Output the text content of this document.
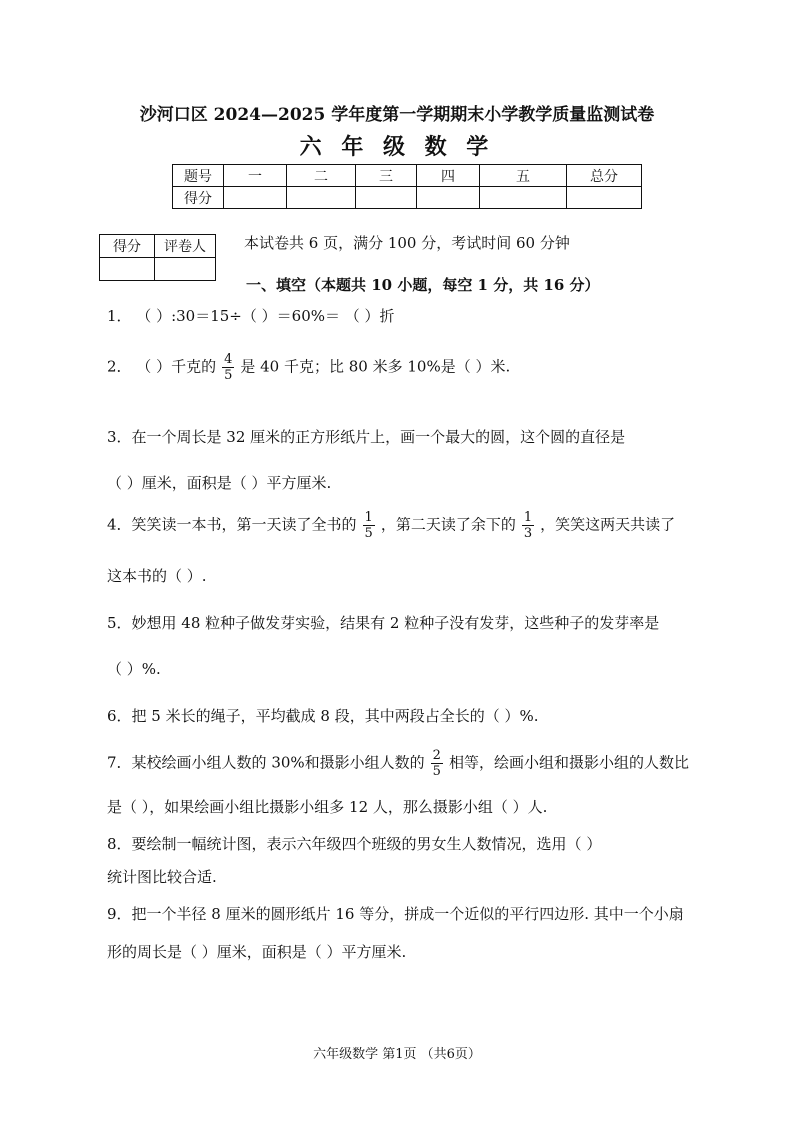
沙河口区 2024—2025 学年度第一学期期末小学教学质量监测试卷
六 年 级 数 学
题号	一	二	三	四	五	总分
得分						
得分	评卷人
		本试卷共 6 页，满分 100 分，考试时间 60 分钟
一、填空（本题共 10 小题，每空 1 分，共 16 分）
1． （ ）:30＝15÷（ ）＝60%＝ （ ）折
2． （ ）千克的 $\frac{4}{5}$ 是 40 千克；比 80 米多 10%是（ ）米.
3．在一个周长是 32 厘米的正方形纸片上，画一个最大的圆，这个圆的直径是
（ ）厘米，面积是（ ）平方厘米.
4．笑笑读一本书，第一天读了全书的 $\frac{1}{5}$ ，第二天读了余下的 $\frac{1}{3}$ ，笑笑这两天共读了
这本书的（ ）.
5．妙想用 48 粒种子做发芽实验，结果有 2 粒种子没有发芽，这些种子的发芽率是
（ ）%.
6．把 5 米长的绳子，平均截成 8 段，其中两段占全长的（ ）%.
7．某校绘画小组人数的 30%和摄影小组人数的 $\frac{2}{5}$ 相等，绘画小组和摄影小组的人数比
是（ ），如果绘画小组比摄影小组多 12 人，那么摄影小组（ ）人.
8．要绘制一幅统计图，表示六年级四个班级的男女生人数情况，选用（ ）
统计图比较合适.
9．把一个半径 8 厘米的圆形纸片 16 等分，拼成一个近似的平行四边形. 其中一个小扇
形的周长是（ ）厘米，面积是（ ）平方厘米.
六年级数学 第1页 （共6页）
